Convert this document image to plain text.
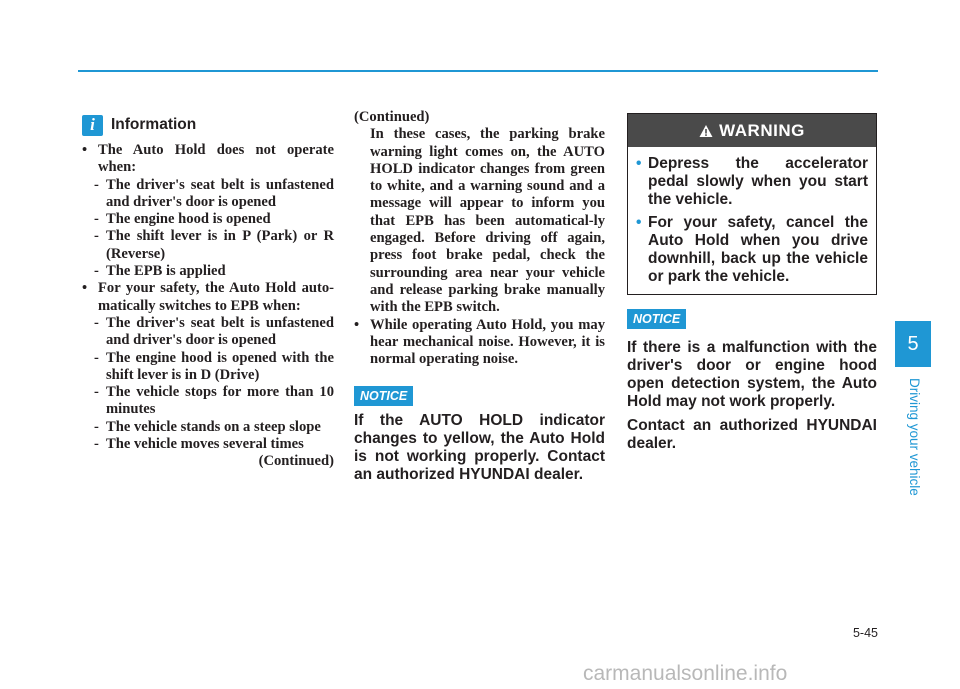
i	Information

• The Auto Hold does not operate when:

- The driver's seat belt is unfastened and driver's door is opened

- The engine hood is opened

- The shift lever is in P (Park) or R (Reverse)

- The EPB is applied

• For your safety, the Auto Hold auto-matically switches to EPB when:

- The driver's seat belt is unfastened and driver's door is opened

- The engine hood is opened with the shift lever is in D (Drive)

- The vehicle stops for more than 10 minutes

- The vehicle stands on a steep slope

- The vehicle moves several times

(Continued)

(Continued)

In these cases, the parking brake warning light comes on, the AUTO HOLD indicator changes from green to white, and a warning sound and a message will appear to inform you that EPB has been automatical-ly engaged. Before driving off again, press foot brake pedal, check the surrounding area near your vehicle and release parking brake manually with the EPB switch.

• While operating Auto Hold, you may hear mechanical noise. However, it is normal operating noise.

NOTICE

If the AUTO HOLD indicator changes to yellow, the Auto Hold is not working properly. Contact an authorized HYUNDAI dealer.

WARNING

• Depress the accelerator pedal slowly when you start the vehicle.

• For your safety, cancel the Auto Hold when you drive downhill, back up the vehicle or park the vehicle.

NOTICE

If there is a malfunction with the driver's door or engine hood open detection system, the Auto Hold may not work properly.

Contact an authorized HYUNDAI dealer.

5
Driving your vehicle
5-45
carmanualsonline.info
